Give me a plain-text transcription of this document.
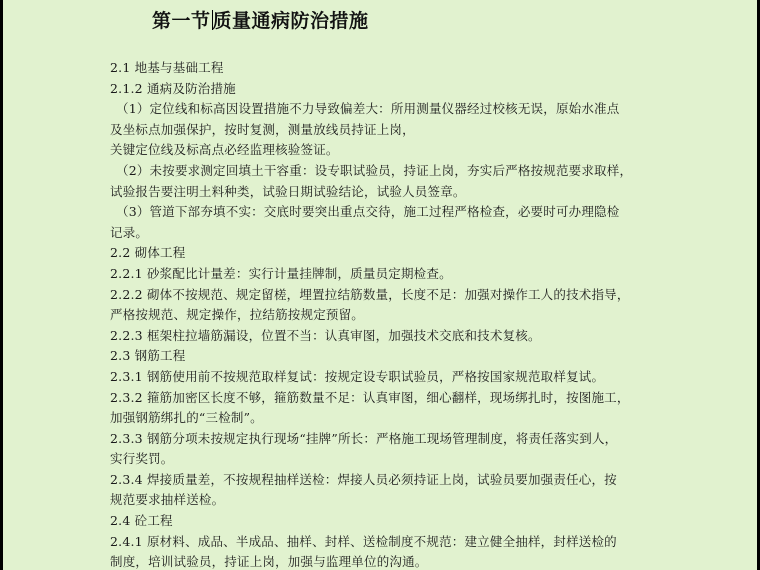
第一节 质量通病防治措施
2.1 地基与基础工程
2.1.2 通病及防治措施
（1）定位线和标高因设置措施不力导致偏差大：所用测量仪器经过校核无误，原始水准点
及坐标点加强保护，按时复测，测量放线员持证上岗，
关键定位线及标高点必经监理核验签证。
（2）未按要求测定回填土干容重：设专职试验员，持证上岗，夯实后严格按规范要求取样，
试验报告要注明土料种类，试验日期试验结论，试验人员签章。
（3）管道下部夯填不实：交底时要突出重点交待，施工过程严格检查，必要时可办理隐检
记录。
2.2 砌体工程
2.2.1 砂浆配比计量差：实行计量挂牌制，质量员定期检查。
2.2.2 砌体不按规范、规定留槎，埋置拉结筋数量，长度不足：加强对操作工人的技术指导，
严格按规范、规定操作，拉结筋按规定预留。
2.2.3 框架柱拉墙筋漏设，位置不当：认真审图，加强技术交底和技术复核。
2.3 钢筋工程
2.3.1 钢筋使用前不按规范取样复试：按规定设专职试验员，严格按国家规范取样复试。
2.3.2 箍筋加密区长度不够，箍筋数量不足：认真审图，细心翻样，现场绑扎时，按图施工，
加强钢筋绑扎的“三检制”。
2.3.3 钢筋分项未按规定执行现场“挂牌”所长：严格施工现场管理制度，将责任落实到人，
实行奖罚。
2.3.4 焊接质量差，不按规程抽样送检：焊接人员必须持证上岗，试验员要加强责任心，按
规范要求抽样送检。
2.4 砼工程
2.4.1 原材料、成品、半成品、抽样、封样、送检制度不规范：建立健全抽样，封样送检的
制度，培训试验员，持证上岗，加强与监理单位的沟通。
